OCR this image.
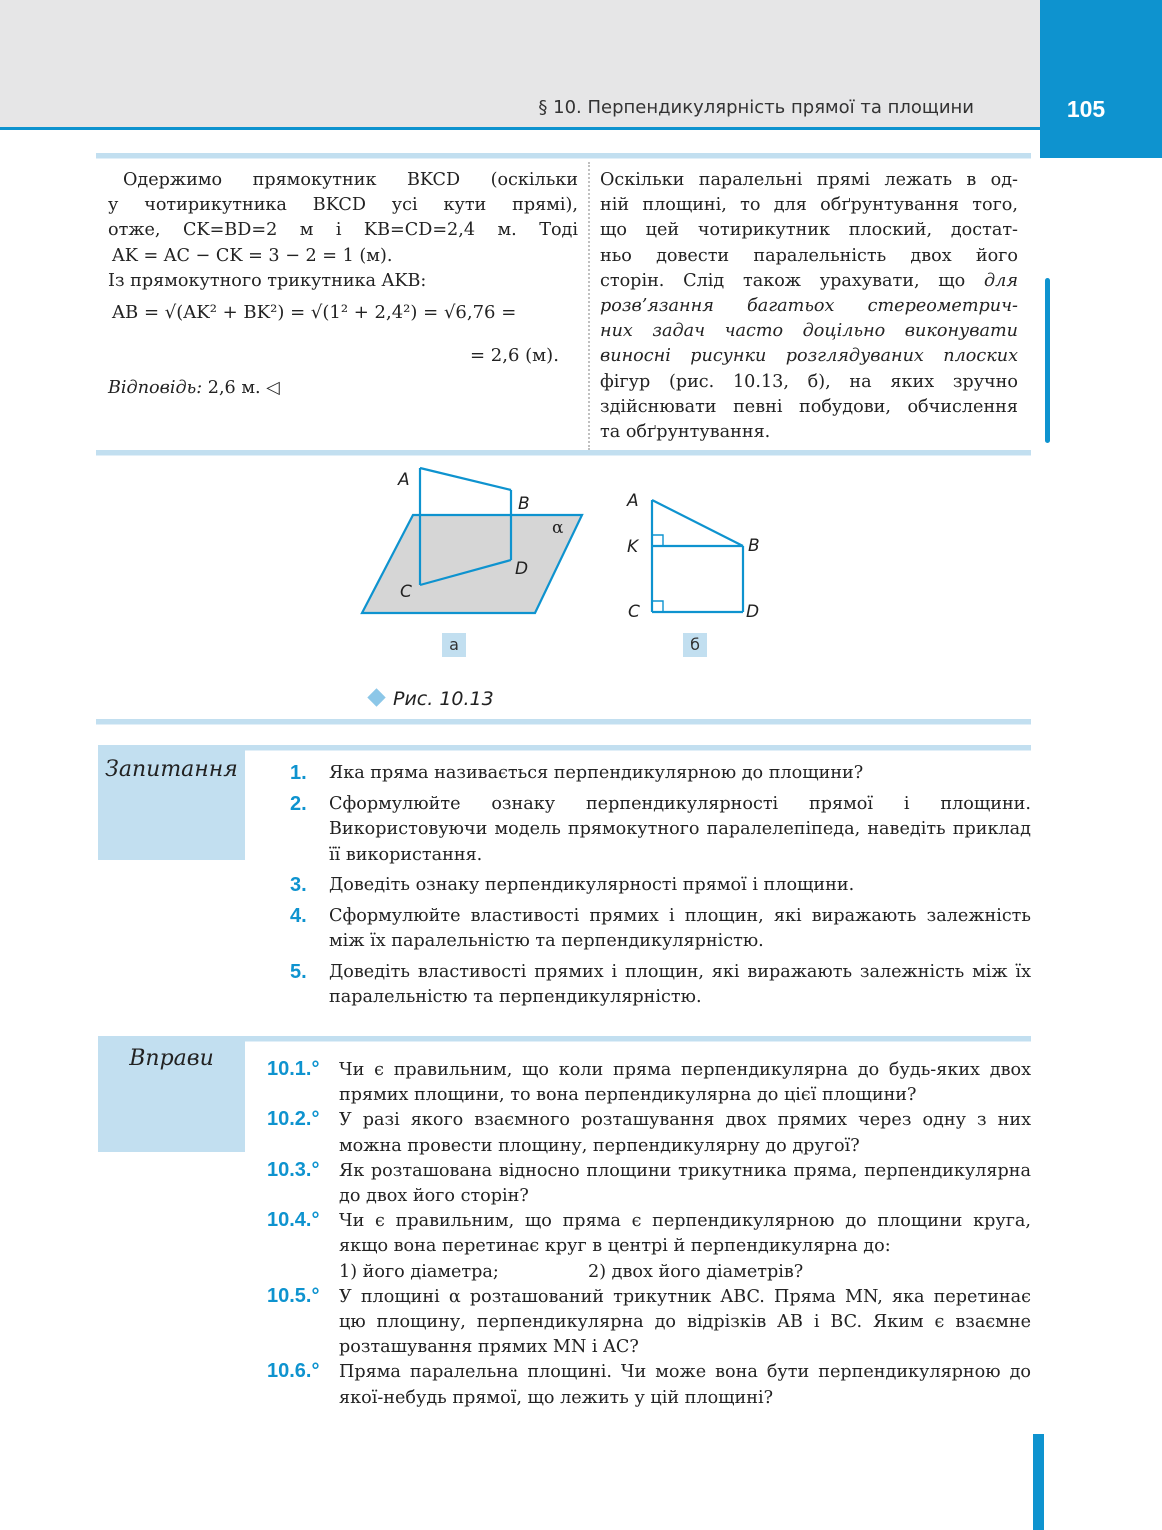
105
§ 10. Перпендикулярність прямої та площини

Одержимо прямокутник BKCD (оскільки

у чотирикутника BKCD усі кути прямі),

отже, CK=BD=2 м і KB=CD=2,4 м. Тоді

AK = AC − CK = 3 − 2 = 1 (м).

Із прямокутного трикутника AKB:

AB = √(AK² + BK²) = √(1² + 2,4²) = √6,76 =
= 2,6 (м).
Відповідь: 2,6 м. ◁

Оскільки паралельні прямі лежать в од-

ній площині, то для обґрунтування того,

що цей чотирикутник плоский, достат-

ньо довести паралельність двох його

сторін. Слід також урахувати, що для

розв’язання багатьох стереометрич-

них задач часто доцільно виконувати

виносні рисунки розглядуваних плоских

фігур (рис. 10.13, б), на яких зручно

здійснювати певні побудови, обчислення

та обґрунтування.

A
B
C
D
α
A
K	B
C	D
а	б
Рис. 10.13
Запитання	1. Яка пряма називається перпендикулярною до площини?
2. Сформулюйте ознаку перпендикулярності прямої і площини. Використовуючи модель прямокутного паралелепіпеда, наведіть приклад її використання.
3. Доведіть ознаку перпендикулярності прямої і площини.
4. Сформулюйте властивості прямих і площин, які виражають залежність між їх паралельністю та перпендикулярністю.
5. Доведіть властивості прямих і площин, які виражають залежність між їх паралельністю та перпендикулярністю.
Вправи	10.1.° Чи є правильним, що коли пряма перпендикулярна до будь-яких двох прямих площини, то вона перпендикулярна до цієї площини?
10.2.° У разі якого взаємного розташування двох прямих через одну з них можна провести площину, перпендикулярну до другої?
10.3.° Як розташована відносно площини трикутника пряма, перпендикулярна до двох його сторін?
10.4.° Чи є правильним, що пряма є перпендикулярною до площини круга, якщо вона перетинає круг в центрі й перпендикулярна до:
1) його діаметра;	2) двох його діаметрів?
10.5.° У площині α розташований трикутник ABC. Пряма MN, яка перетинає цю площину, перпендикулярна до відрізків AB і BC. Яким є взаємне розташування прямих MN і AC?
10.6.° Пряма паралельна площині. Чи може вона бути перпендикулярною до якої-небудь прямої, що лежить у цій площині?
